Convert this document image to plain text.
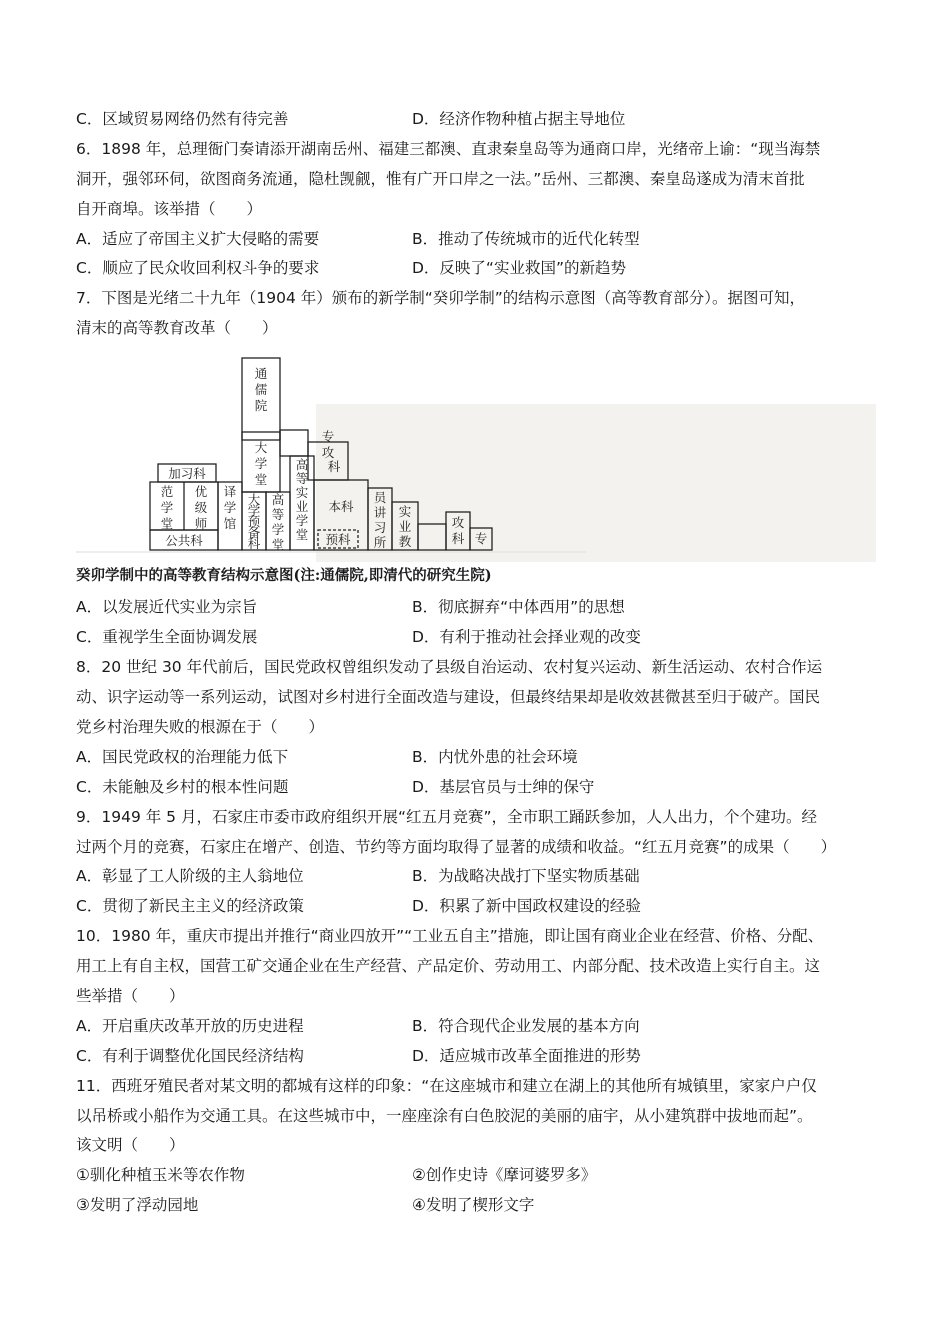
C．区域贸易网络仍然有待完善	D．经济作物种植占据主导地位
6．1898 年，总理衙门奏请添开湖南岳州、福建三都澳、直隶秦皇岛等为通商口岸，光绪帝上谕：“现当海禁
洞开，强邻环伺，欲图商务流通，隐杜觊觎，惟有广开口岸之一法。”岳州、三都澳、秦皇岛遂成为清末首批
自开商埠。该举措（　　）
A．适应了帝国主义扩大侵略的需要	B．推动了传统城市的近代化转型
C．顺应了民众收回利权斗争的要求	D．反映了“实业救国”的新趋势
7．下图是光绪二十九年（1904 年）颁布的新学制“癸卯学制”的结构示意图（高等教育部分）。据图可知，
清末的高等教育改革（　　）
通
儒
院
大
学
堂
专
攻
科
加习科
范
学
堂
优
级
师
公共科
译
学
馆
大
学
预
备
科
高
等
学
堂
高
等
实
业
学
堂
本科
预科
员
讲
习
所
实
业
教
攻
科 专
癸卯学制中的高等教育结构示意图(注:通儒院,即清代的研究生院)
A．以发展近代实业为宗旨	B．彻底摒弃“中体西用”的思想
C．重视学生全面协调发展	D．有利于推动社会择业观的改变
8．20 世纪 30 年代前后，国民党政权曾组织发动了县级自治运动、农村复兴运动、新生活运动、农村合作运
动、识字运动等一系列运动，试图对乡村进行全面改造与建设，但最终结果却是收效甚微甚至归于破产。国民
党乡村治理失败的根源在于（　　）
A．国民党政权的治理能力低下	B．内忧外患的社会环境
C．未能触及乡村的根本性问题	D．基层官员与士绅的保守
9．1949 年 5 月，石家庄市委市政府组织开展“红五月竞赛”，全市职工踊跃参加，人人出力，个个建功。经
过两个月的竞赛，石家庄在增产、创造、节约等方面均取得了显著的成绩和收益。“红五月竞赛”的成果（　　）
A．彰显了工人阶级的主人翁地位	B．为战略决战打下坚实物质基础
C．贯彻了新民主主义的经济政策	D．积累了新中国政权建设的经验
10．1980 年，重庆市提出并推行“商业四放开”“工业五自主”措施，即让国有商业企业在经营、价格、分配、
用工上有自主权，国营工矿交通企业在生产经营、产品定价、劳动用工、内部分配、技术改造上实行自主。这
些举措（　　）
A．开启重庆改革开放的历史进程	B．符合现代企业发展的基本方向
C．有利于调整优化国民经济结构	D．适应城市改革全面推进的形势
11．西班牙殖民者对某文明的都城有这样的印象：“在这座城市和建立在湖上的其他所有城镇里，家家户户仅
以吊桥或小船作为交通工具。在这些城市中，一座座涂有白色胶泥的美丽的庙宇，从小建筑群中拔地而起”。
该文明（　　）
①驯化种植玉米等农作物	②创作史诗《摩诃婆罗多》
③发明了浮动园地	④发明了楔形文字
